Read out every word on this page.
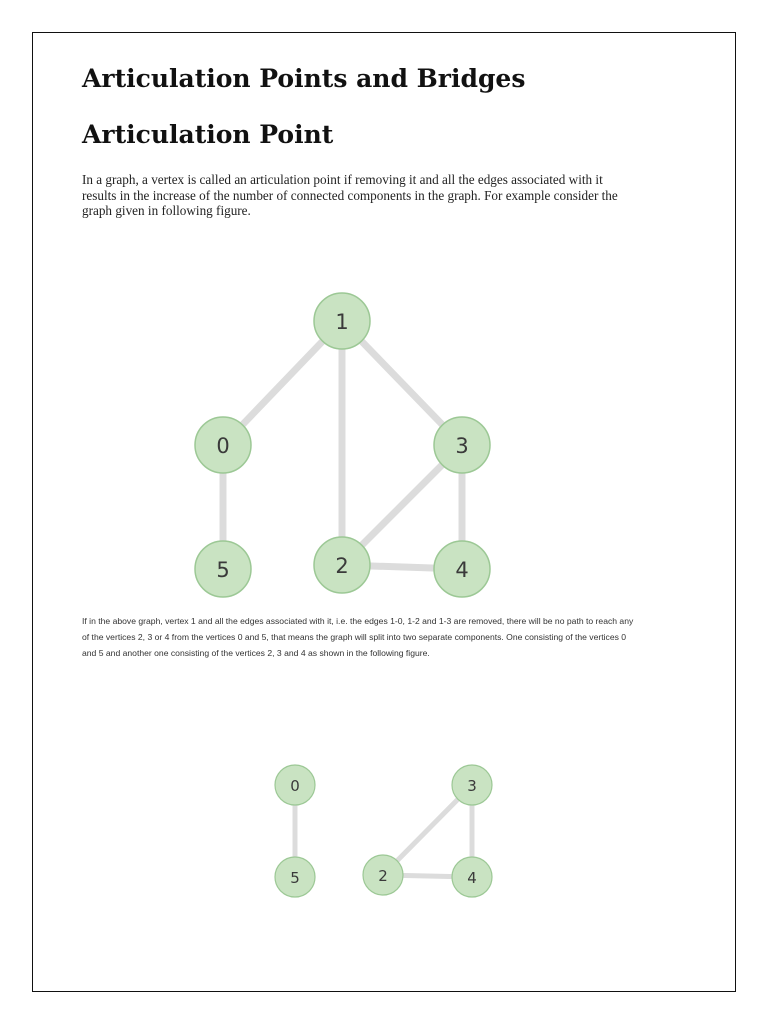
Articulation Points and Bridges
Articulation Point

In a graph, a vertex is called an articulation point if removing it and all the edges associated with it results in the increase of the number of connected components in the graph. For example consider the graph given in following figure.

0
1
2
3
4
5

If in the above graph, vertex 1 and all the edges associated with it, i.e. the edges 1-0, 1-2 and 1-3 are removed, there will be no path to reach any of the vertices 2, 3 or 4 from the vertices 0 and 5, that means the graph will split into two separate components. One consisting of the vertices 0 and 5 and another one consisting of the vertices 2, 3 and 4 as shown in the following figure.

0
5	2
3
4
